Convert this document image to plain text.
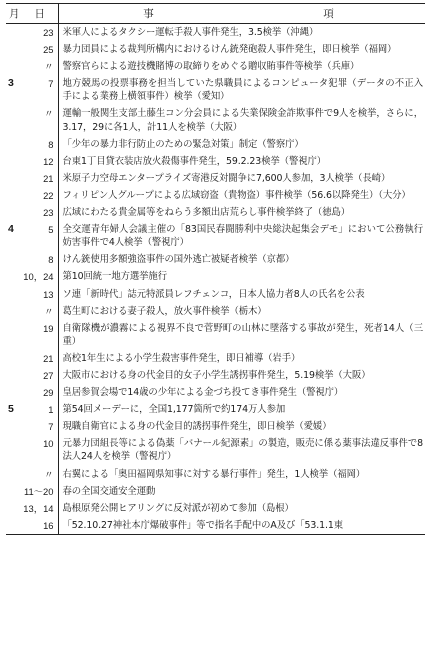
月	日	事 項
	23	米軍人によるタクシー運転手殺人事件発生，3.5検挙（沖縄）
	25	暴力団員による裁判所構内におけるけん銃発砲殺人事件発生，即日検挙（福岡）
	〃	警察官らによる遊技機賭博の取締りをめぐる贈収賄事件等検挙（兵庫）
3	7	地方競馬の投票事務を担当していた県職員によるコンピュータ犯罪（データの不正入手による業務上横領事件）検挙（愛知）
	〃	運輸一般関生支部土藤生コン分会員による失業保険金詐欺事件で9人を検挙，さらに，3.17，29に各1人，計11人を検挙（大阪）
	8	「少年の暴力非行防止のための緊急対策」制定（警察庁）
	12	台東1丁目貸衣装店放火殺傷事件発生，59.2.23検挙（警視庁）
	21	米原子力空母エンタープライズ寄港反対闘争に7,600人参加，3人検挙（長崎）
	22	フィリピン人グループによる広域窃盗（貴物盗）事件検挙（56.6以降発生）（大分）
	23	広域にわたる貴金属等をねらう多額出店荒らし事件検挙終了（徳島）
4	5	全交運青年婦人会議主催の「83国民春闘勝利中央総決起集会デモ」において公務執行妨害事件で4人検挙（警視庁）
	8	けん銃使用多額強盗事件の国外逃亡被疑者検挙（京都）
	10，24	第10回統一地方選挙施行
	13	ソ連「新時代」誌元特派員レフチェンコ，日本人協力者8人の氏名を公表
	〃	葛生町における妻子殺人，放火事件検挙（栃木）
	19	自衛隊機が濃霧による視界不良で菅野町の山林に墜落する事故が発生，死者14人（三重）
	21	高校1年生による小学生殺害事件発生，即日補導（岩手）
	27	大阪市における身の代金目的女子小学生誘拐事件発生，5.19検挙（大阪）
	29	皇居参賀会場で14歳の少年による金づち投てき事件発生（警視庁）
5	1	第54回メーデーに，全国1,177箇所で約174万人参加
	7	現職自衛官による身の代金目的誘拐事件発生，即日検挙（愛媛）
	10	元暴力団組長等による偽薬「バナール紀源素」の製造，販売に係る薬事法違反事件で8法人24人を検挙（警視庁）
	〃	右翼による「奥田福岡県知事に対する暴行事件」発生，1人検挙（福岡）
	11〜20	春の全国交通安全運動
	13，14	島根原発公開ヒアリングに反対派が初めて参加（島根）
	16	「52.10.27神社本庁爆破事件」等で指名手配中のA及び「53.1.1東
